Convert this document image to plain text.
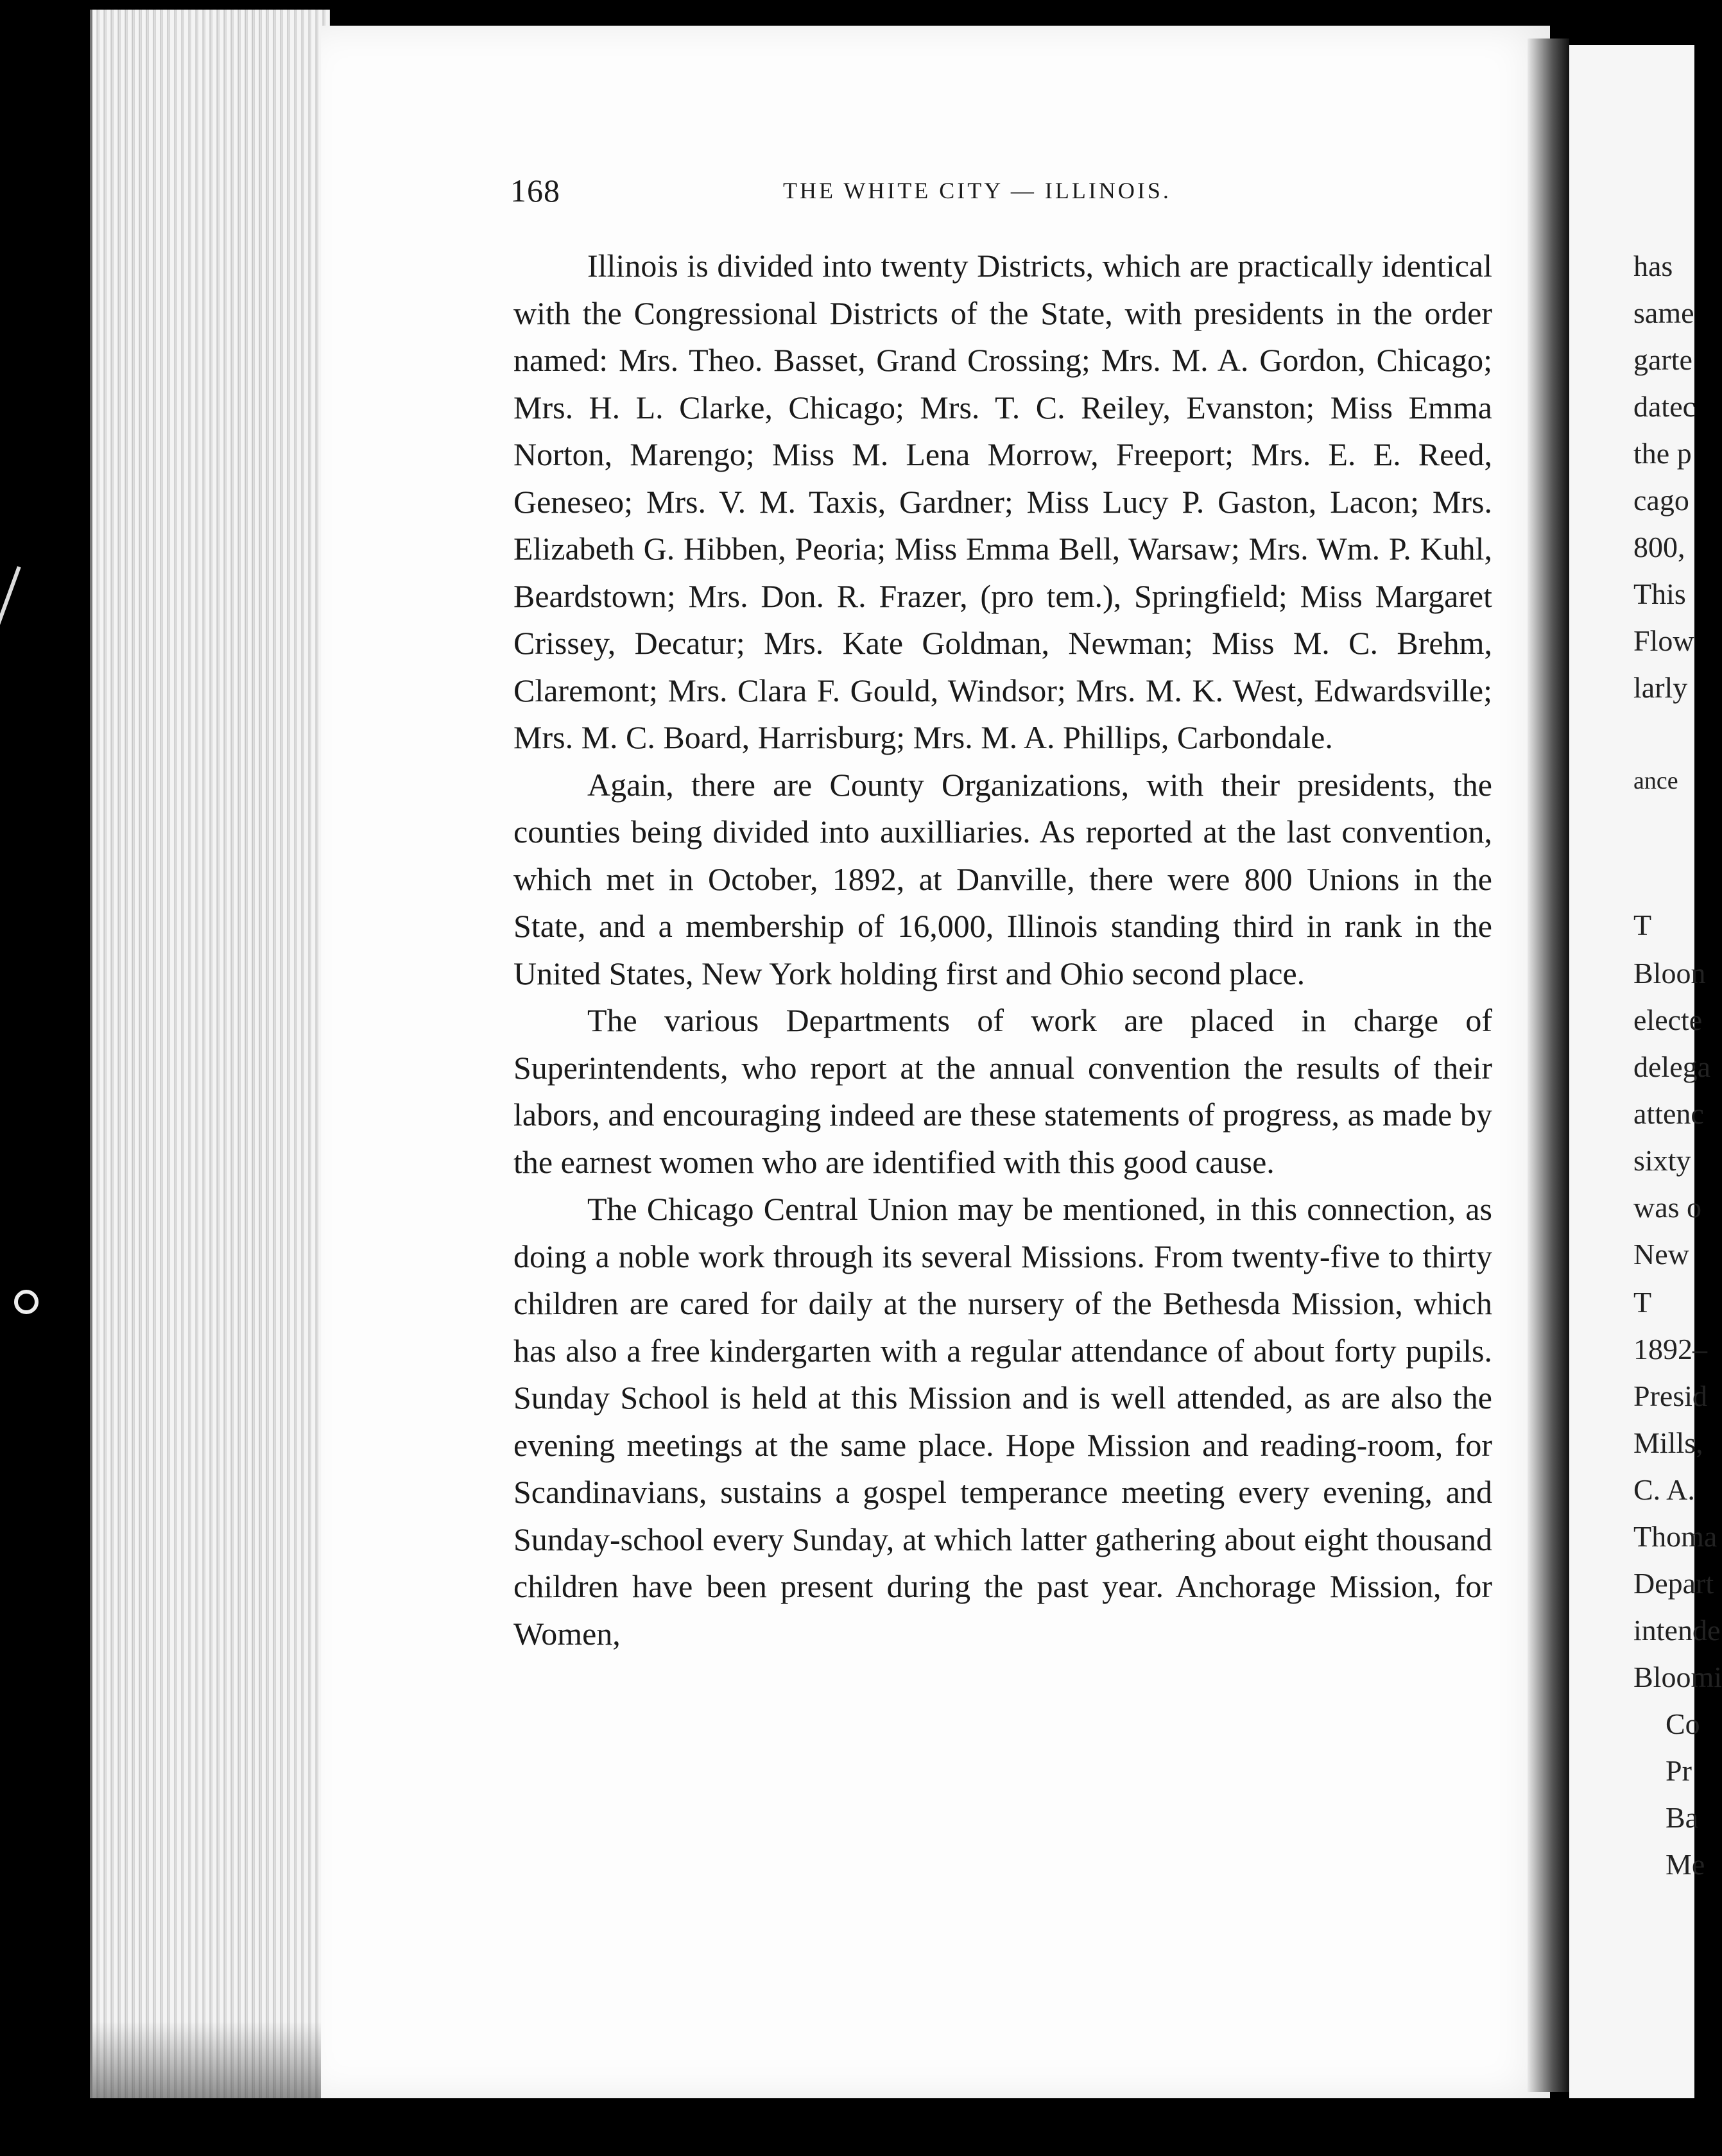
168	THE WHITE CITY — ILLINOIS.

Illinois is divided into twenty Districts, which are practically identical with the Congressional Districts of the State, with presidents in the order named: Mrs. Theo. Basset, Grand Crossing; Mrs. M. A. Gordon, Chicago; Mrs. H. L. Clarke, Chicago; Mrs. T. C. Reiley, Evanston; Miss Emma Norton, Marengo; Miss M. Lena Morrow, Freeport; Mrs. E. E. Reed, Geneseo; Mrs. V. M. Taxis, Gardner; Miss Lucy P. Gaston, Lacon; Mrs. Elizabeth G. Hibben, Peoria; Miss Emma Bell, Warsaw; Mrs. Wm. P. Kuhl, Beardstown; Mrs. Don. R. Frazer, (pro tem.), Springfield; Miss Margaret Crissey, Decatur; Mrs. Kate Goldman, Newman; Miss M. C. Brehm, Claremont; Mrs. Clara F. Gould, Windsor; Mrs. M. K. West, Edwardsville; Mrs. M. C. Board, Harrisburg; Mrs. M. A. Phillips, Carbondale.

Again, there are County Organizations, with their presidents, the counties being divided into auxilliaries. As reported at the last convention, which met in October, 1892, at Danville, there were 800 Unions in the State, and a membership of 16,000, Illinois standing third in rank in the United States, New York holding first and Ohio second place.

The various Departments of work are placed in charge of Superintendents, who report at the annual convention the results of their labors, and encouraging indeed are these statements of progress, as made by the earnest women who are identified with this good cause.

The Chicago Central Union may be mentioned, in this connection, as doing a noble work through its several Missions. From twenty-five to thirty children are cared for daily at the nursery of the Bethesda Mission, which has also a free kindergarten with a regular attendance of about forty pupils. Sunday School is held at this Mission and is well attended, as are also the evening meetings at the same place. Hope Mission and reading-room, for Scandinavians, sustains a gospel temperance meeting every evening, and Sunday-school every Sunday, at which latter gathering about eight thousand children have been present during the past year. Anchorage Mission, for Women,

has
same
garte
datec
the p
cago
800,
This
Flow
larly
ance
T
Bloon
electe
delega
attenc
sixty
was o
New
T
1892–
Presid
Mills,
C. A.
Thoma
Depart
intende
Bloomi
Co
Pr
Ba
Me
